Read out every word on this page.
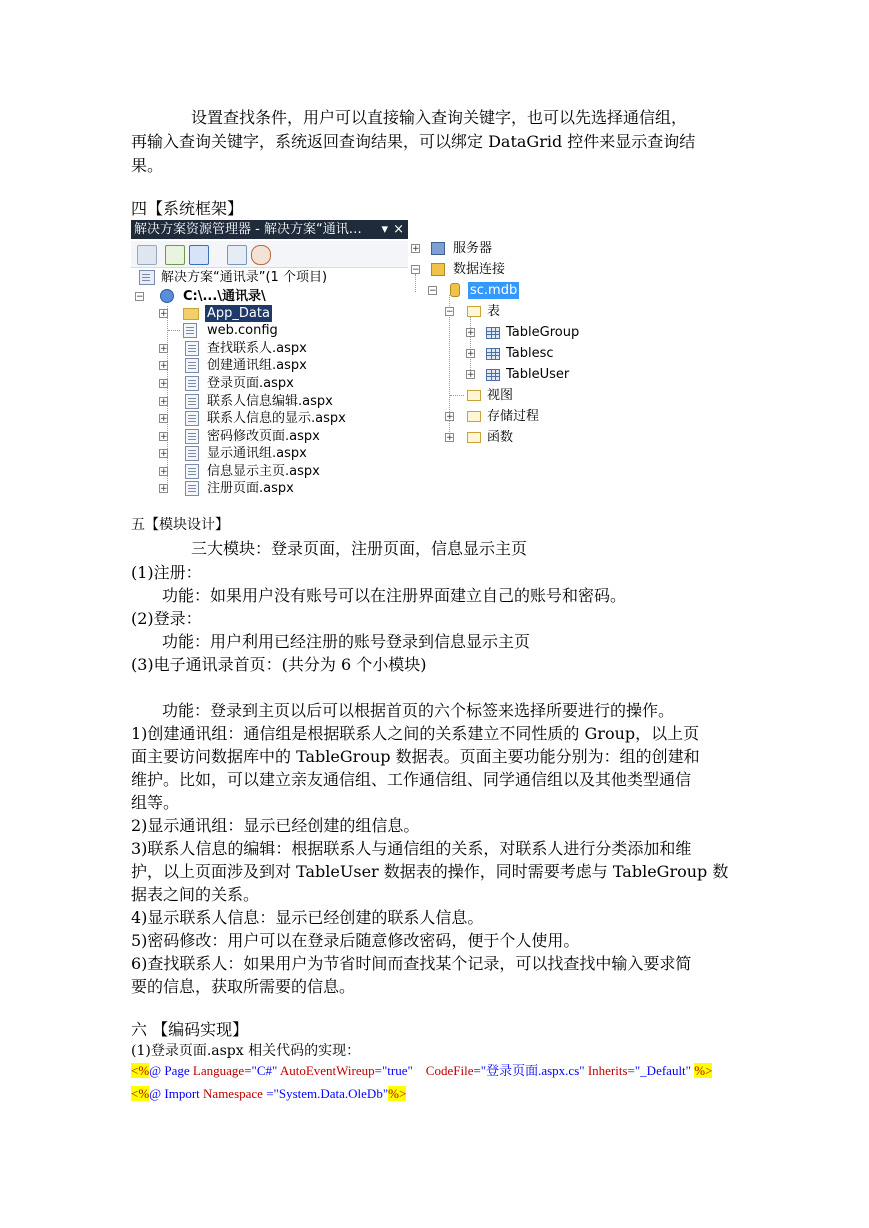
设置查找条件，用户可以直接输入查询关键字，也可以先选择通信组，
再输入查询关键字，系统返回查询结果，可以绑定 DataGrid 控件来显示查询结
果。
四【系统框架】
解决方案资源管理器 - 解决方案“通讯… ▾ ×
解决方案“通讯录”(1 个项目)
−	C:\...\通讯录\
+	App_Data
web.config
+	查找联系人.aspx
+	创建通讯组.aspx
+	登录页面.aspx
+	联系人信息编辑.aspx
+	联系人信息的显示.aspx
+	密码修改页面.aspx
+	显示通讯组.aspx
+	信息显示主页.aspx
+	注册页面.aspx
+	服务器
−	数据连接
−	sc.mdb
−	表
+ TableGroup
+ Tablesc
+ TableUser
视图
+	存储过程
+	函数
五【模块设计】
三大模块：登录页面，注册页面，信息显示主页
(1)注册：
功能：如果用户没有账号可以在注册界面建立自己的账号和密码。
(2)登录：
功能：用户利用已经注册的账号登录到信息显示主页
(3)电子通讯录首页：(共分为 6 个小模块)
功能：登录到主页以后可以根据首页的六个标签来选择所要进行的操作。
1)创建通讯组：通信组是根据联系人之间的关系建立不同性质的 Group，以上页
面主要访问数据库中的 TableGroup 数据表。页面主要功能分别为：组的创建和
维护。比如，可以建立亲友通信组、工作通信组、同学通信组以及其他类型通信
组等。
2)显示通讯组：显示已经创建的组信息。
3)联系人信息的编辑：根据联系人与通信组的关系，对联系人进行分类添加和维
护，以上页面涉及到对 TableUser 数据表的操作，同时需要考虑与 TableGroup 数
据表之间的关系。
4)显示联系人信息：显示已经创建的联系人信息。
5)密码修改：用户可以在登录后随意修改密码，便于个人使用。
6)查找联系人：如果用户为节省时间而查找某个记录，可以找查找中输入要求简
要的信息，获取所需要的信息。
六 【编码实现】
(1)登录页面.aspx 相关代码的实现：
<%@ Page Language="C#" AutoEventWireup="true" CodeFile="登录页面.aspx.cs" Inherits="_Default" %>
<%@ Import Namespace ="System.Data.OleDb"%>
